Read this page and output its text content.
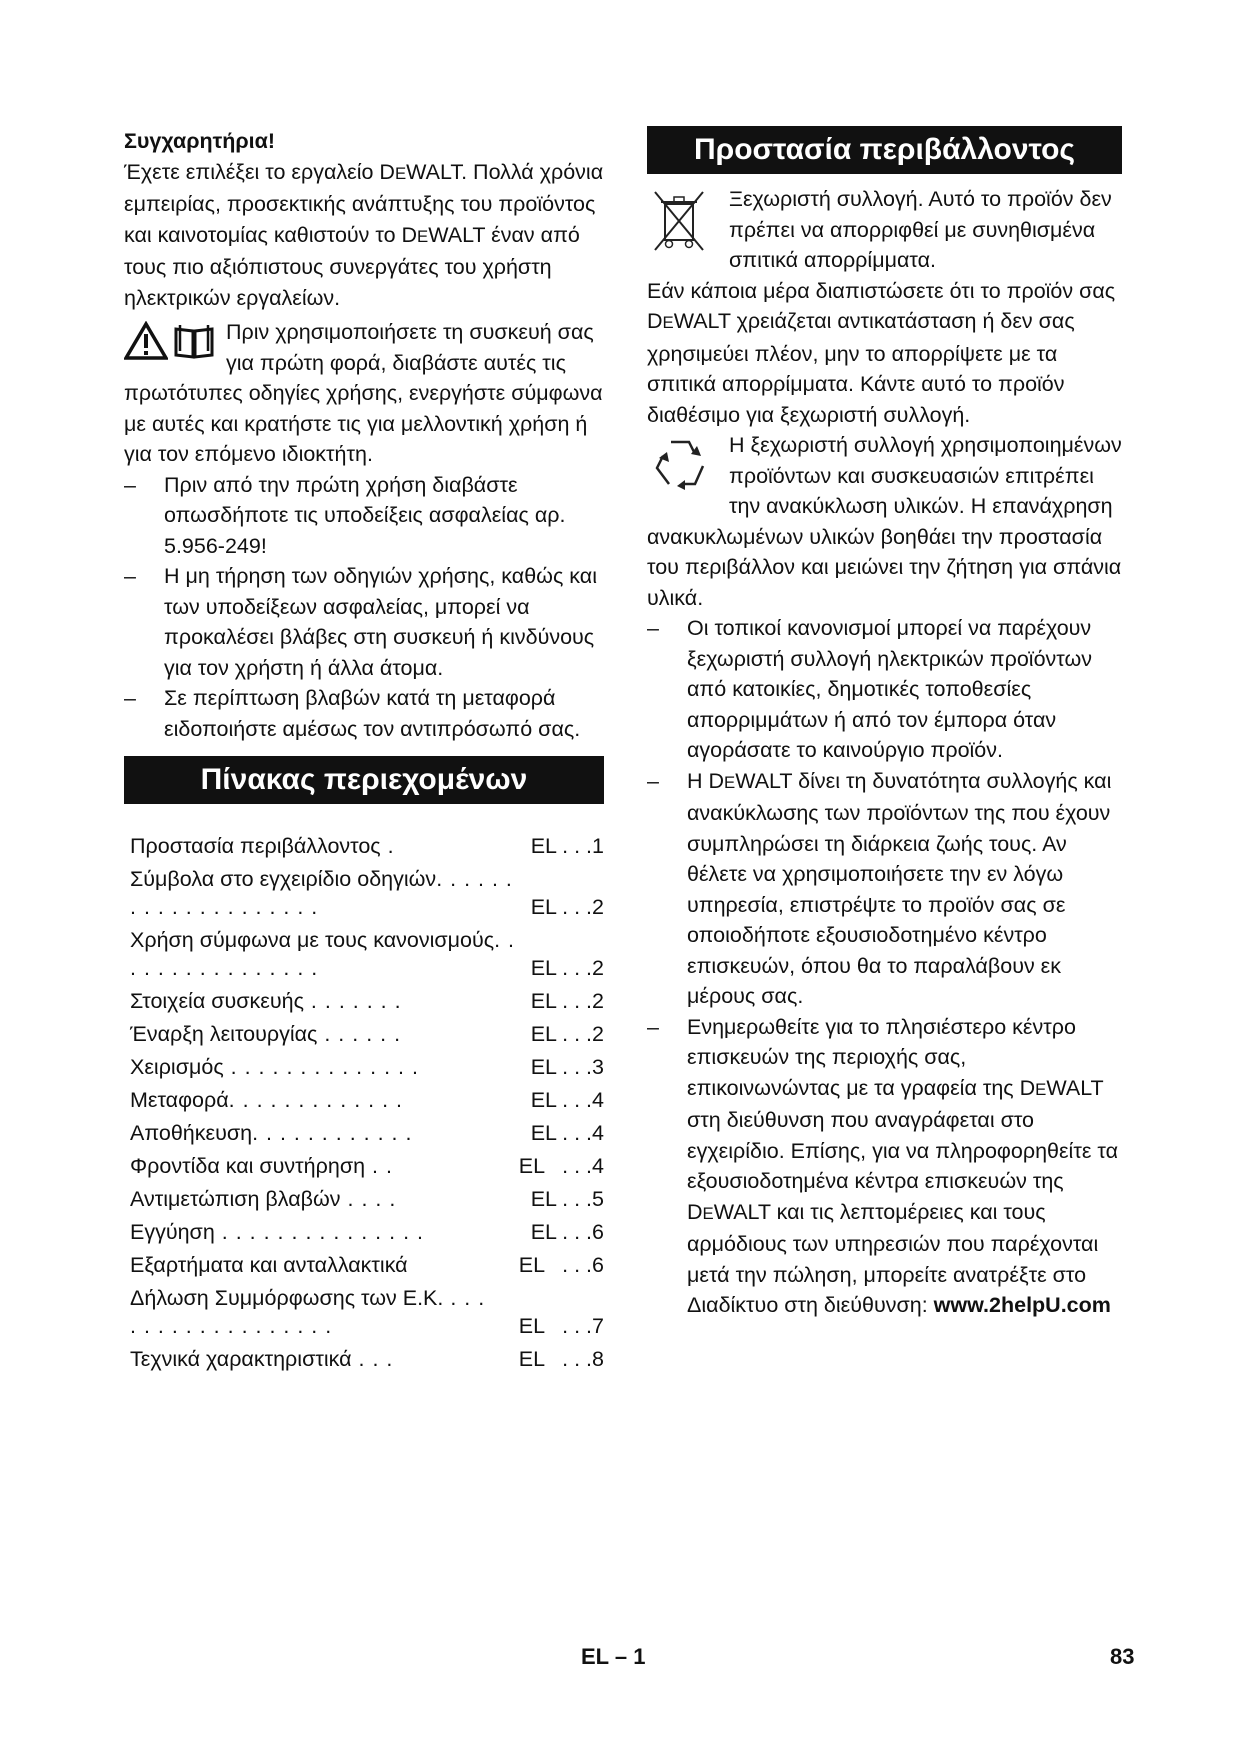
Συγχαρητήρια!

Έχετε επιλέξει το εργαλείο DEWALT. Πολλά χρόνια εμπειρίας, προσεκτικής ανάπτυξης του προϊόντος και καινοτομίας καθιστούν το DEWALT έναν από τους πιο αξιόπιστους συνεργάτες του χρήστη ηλεκτρικών εργαλείων.

Πριν χρησιμοποιήσετε τη συσκευή σας για πρώτη φορά, διαβάστε αυτές τις πρωτότυπες οδηγίες χρήσης, ενεργήστε σύμφωνα με αυτές και κρατήστε τις για μελλοντική χρήση ή για τον επόμενο ιδιοκτήτη.
– Πριν από την πρώτη χρήση διαβάστε οπωσδήποτε τις υποδείξεις ασφαλείας αρ. 5.956-249!
– Η μη τήρηση των οδηγιών χρήσης, καθώς και των υποδείξεων ασφαλείας, μπορεί να προκαλέσει βλάβες στη συσκευή ή κινδύνους για τον χρήστη ή άλλα άτομα.
– Σε περίπτωση βλαβών κατά τη μεταφορά ειδοποιήστε αμέσως τον αντιπρόσωπό σας.
Πίνακας περιεχομένων
Προστασία περιβάλλοντος .	EL . . .1
Σύμβολα στο εγχειρίδιο οδηγιών. . . . . . . . . . . . . . . . . . . .	EL . . .2
Χρήση σύμφωνα με τους κανονισμούς. . . . . . . . . . . . . . . .	EL . . .2
Στοιχεία συσκευής . . . . . . .	EL . . .2
Έναρξη λειτουργίας . . . . . .	EL . . .2
Χειρισμός . . . . . . . . . . . . . .	EL . . .3
Μεταφορά. . . . . . . . . . . . .	EL . . .4
Αποθήκευση. . . . . . . . . . . .	EL . . .4
Φροντίδα και συντήρηση . .	EL   . . .4
Αντιμετώπιση βλαβών . . . .	EL . . .5
Εγγύηση . . . . . . . . . . . . . . .	EL . . .6
Εξαρτήματα και ανταλλακτικά	EL   . . .6
Δήλωση Συμμόρφωσης των Ε.Κ. . . . . . . . . . . . . . . . . . .	EL   . . .7
Τεχνικά χαρακτηριστικά . . .	EL   . . .8
Προστασία περιβάλλοντος
Ξεχωριστή συλλογή. Αυτό το προϊόν δεν πρέπει να απορριφθεί με συνηθισμένα σπιτικά απορρίμματα.

Εάν κάποια μέρα διαπιστώσετε ότι το προϊόν σας DEWALT χρειάζεται αντικατάσταση ή δεν σας χρησιμεύει πλέον, μην το απορρίψετε με τα σπιτικά απορρίμματα. Κάντε αυτό το προϊόν διαθέσιμο για ξεχωριστή συλλογή.

Η ξεχωριστή συλλογή χρησιμοποιημένων προϊόντων και συσκευασιών επιτρέπει την ανακύκλωση υλικών. Η επανάχρηση ανακυκλωμένων υλικών βοηθάει την προστασία του περιβάλλον και μειώνει την ζήτηση για σπάνια υλικά.
– Οι τοπικοί κανονισμοί μπορεί να παρέχουν ξεχωριστή συλλογή ηλεκτρικών προϊόντων από κατοικίες, δημοτικές τοποθεσίες απορριμμάτων ή από τον έμπορα όταν αγοράσατε το καινούργιο προϊόν.
– Η DEWALT δίνει τη δυνατότητα συλλογής και ανακύκλωσης των προϊόντων της που έχουν συμπληρώσει τη διάρκεια ζωής τους. Αν θέλετε να χρησιμοποιήσετε την εν λόγω υπηρεσία, επιστρέψτε το προϊόν σας σε οποιοδήποτε εξουσιοδοτημένο κέντρο επισκευών, όπου θα το παραλάβουν εκ μέρους σας.
– Ενημερωθείτε για το πλησιέστερο κέντρο επισκευών της περιοχής σας, επικοινωνώντας με τα γραφεία της DEWALT στη διεύθυνση που αναγράφεται στο εγχειρίδιο. Επίσης, για να πληροφορηθείτε τα εξουσιοδοτημένα κέντρα επισκευών της DEWALT και τις λεπτομέρειες και τους αρμόδιους των υπηρεσιών που παρέχονται μετά την πώληση, μπορείτε ανατρέξτε στο Διαδίκτυο στη διεύθυνση: www.2helpU.com
EL – 1	83
